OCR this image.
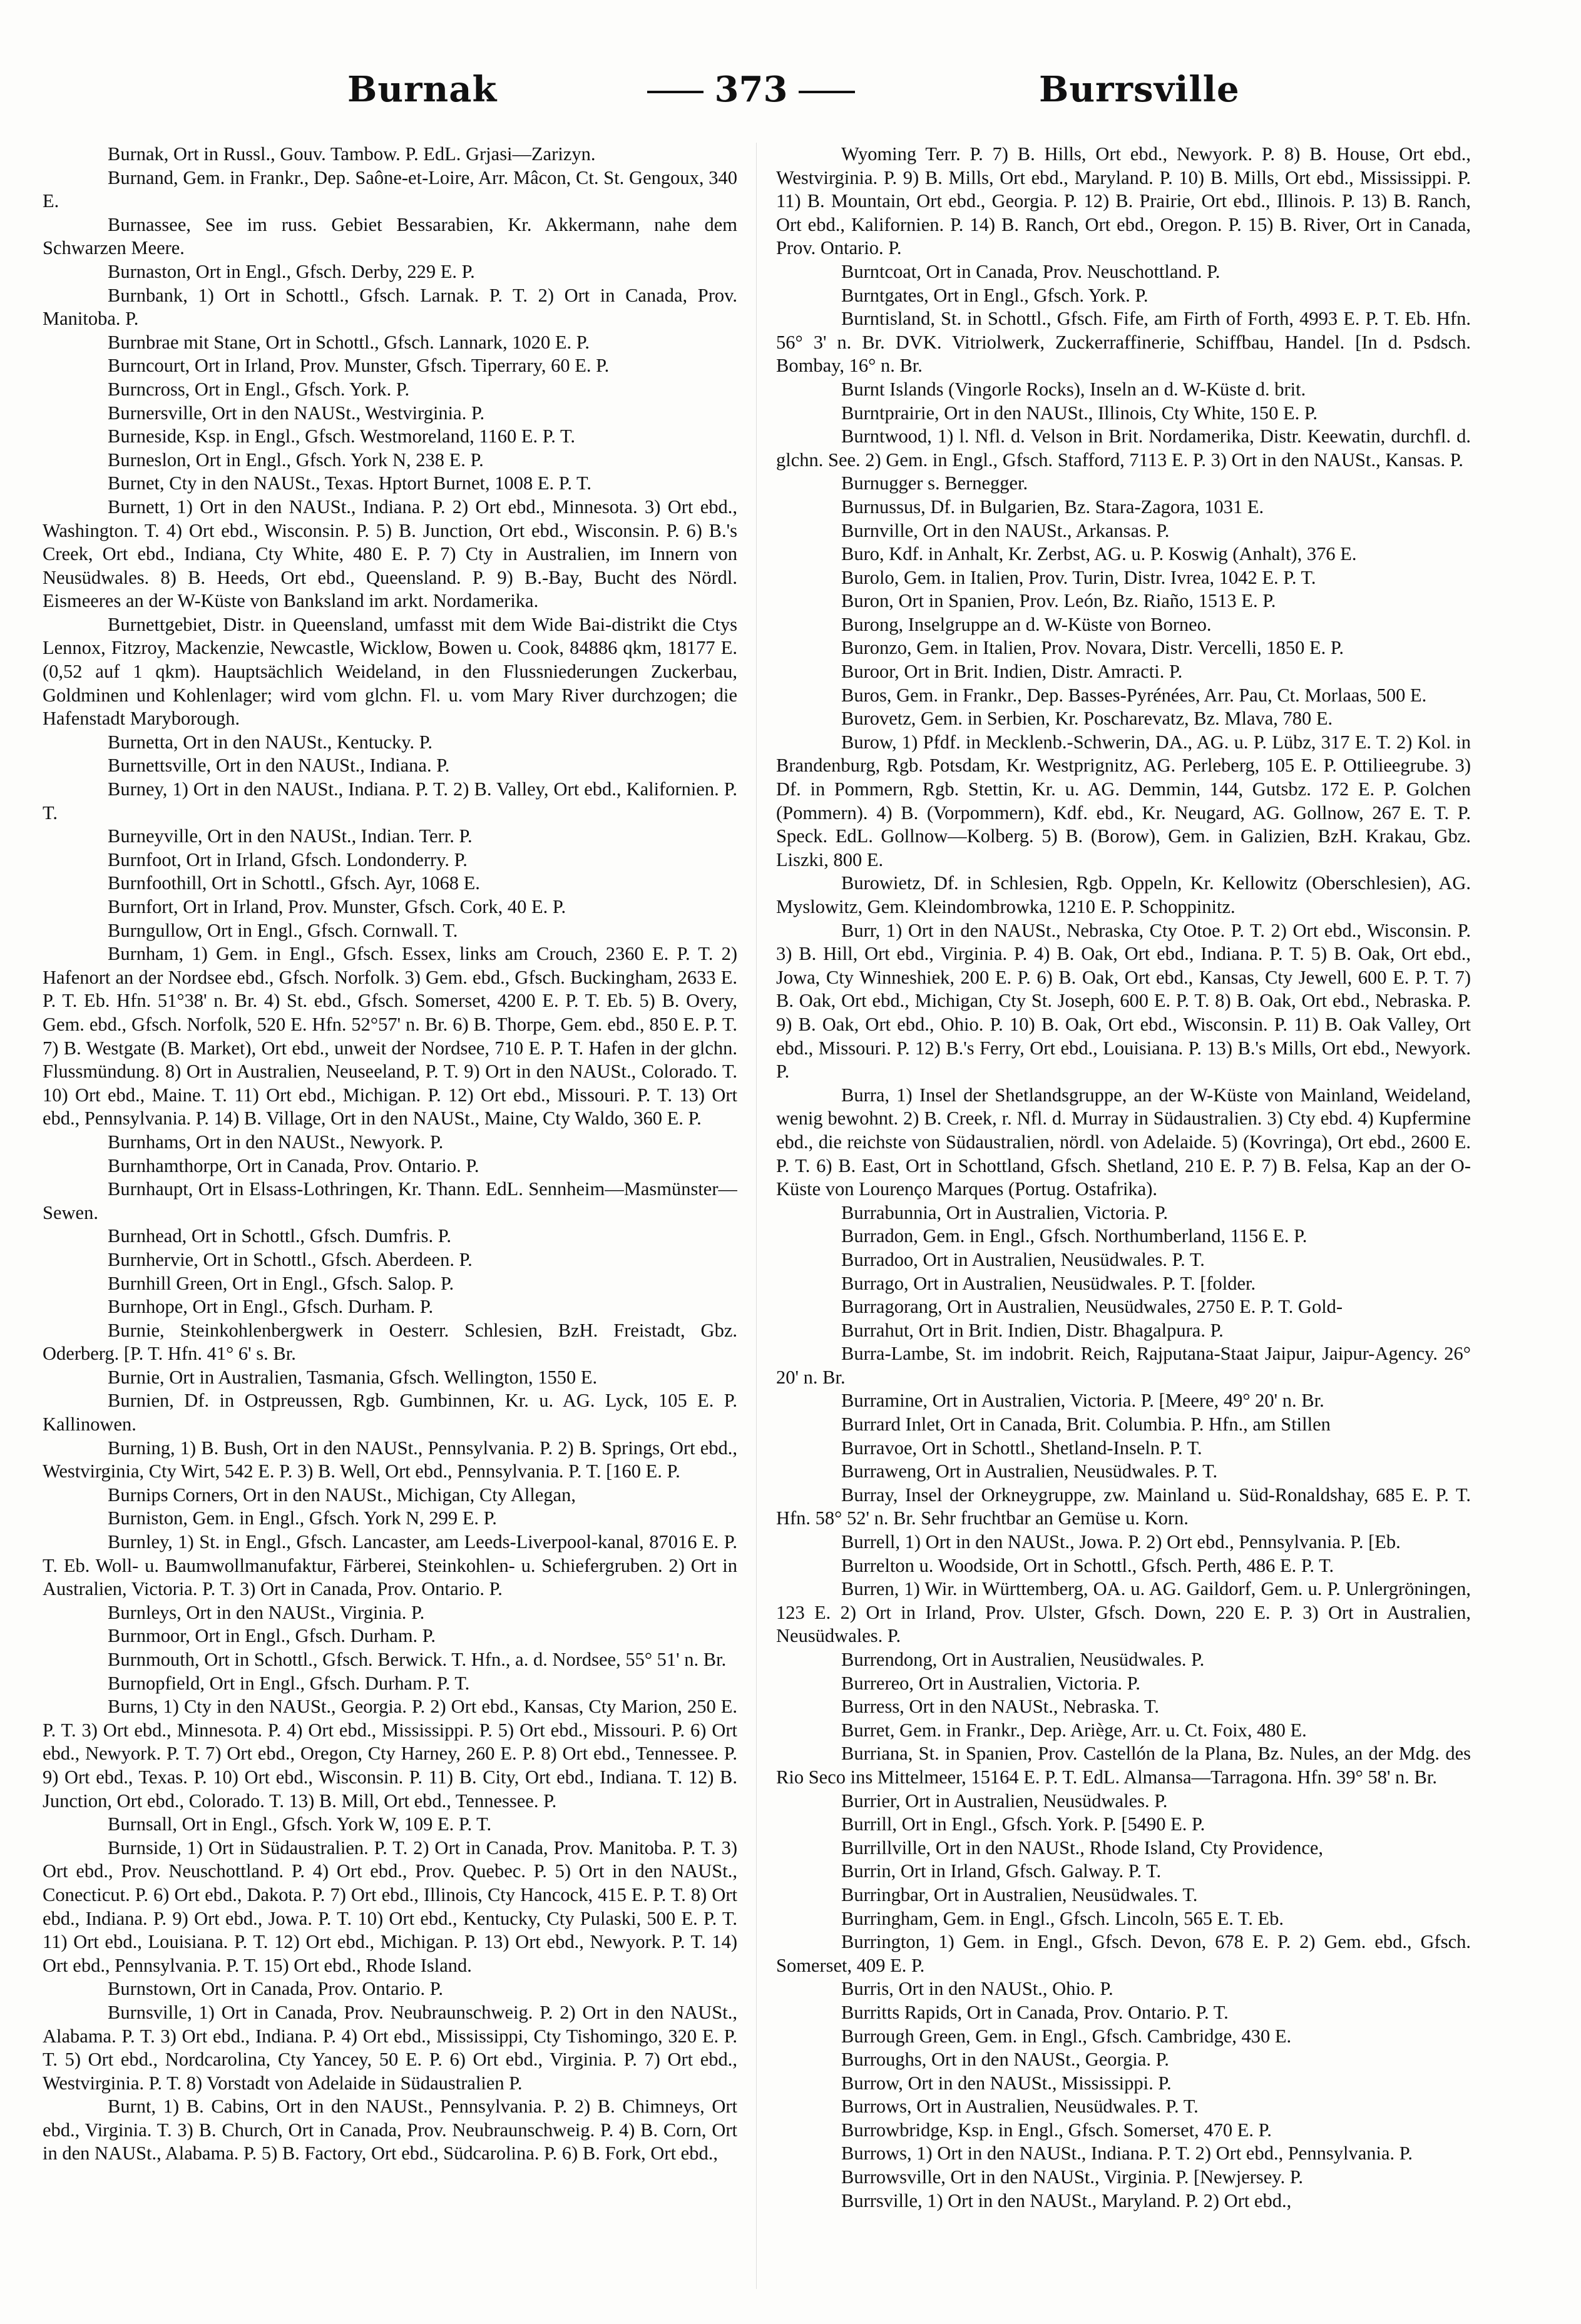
Burnak	373	Burrsville

Burnak, Ort in Russl., Gouv. Tambow. P. EdL. Grjasi—Zarizyn.

Burnand, Gem. in Frankr., Dep. Saône-et-Loire, Arr. Mâcon, Ct. St. Gengoux, 340 E.

Burnassee, See im russ. Gebiet Bessarabien, Kr. Akkermann, nahe dem Schwarzen Meere.

Burnaston, Ort in Engl., Gfsch. Derby, 229 E. P.

Burnbank, 1) Ort in Schottl., Gfsch. Larnak. P. T. 2) Ort in Canada, Prov. Manitoba. P.

Burnbrae mit Stane, Ort in Schottl., Gfsch. Lannark, 1020 E. P.

Burncourt, Ort in Irland, Prov. Munster, Gfsch. Tiperrary, 60 E. P.

Burncross, Ort in Engl., Gfsch. York. P.

Burnersville, Ort in den NAUSt., Westvirginia. P.

Burneside, Ksp. in Engl., Gfsch. Westmoreland, 1160 E. P. T.

Burneslon, Ort in Engl., Gfsch. York N, 238 E. P.

Burnet, Cty in den NAUSt., Texas. Hptort Burnet, 1008 E. P. T.

Burnett, 1) Ort in den NAUSt., Indiana. P. 2) Ort ebd., Minnesota. 3) Ort ebd., Washington. T. 4) Ort ebd., Wisconsin. P. 5) B. Junction, Ort ebd., Wisconsin. P. 6) B.'s Creek, Ort ebd., Indiana, Cty White, 480 E. P. 7) Cty in Australien, im Innern von Neusüdwales. 8) B. Heeds, Ort ebd., Queensland. P. 9) B.-Bay, Bucht des Nördl. Eismeeres an der W-Küste von Banksland im arkt. Nordamerika.

Burnettgebiet, Distr. in Queensland, umfasst mit dem Wide Bai-distrikt die Ctys Lennox, Fitzroy, Mackenzie, Newcastle, Wicklow, Bowen u. Cook, 84886 qkm, 18177 E. (0,52 auf 1 qkm). Hauptsächlich Weideland, in den Flussniederungen Zuckerbau, Goldminen und Kohlenlager; wird vom glchn. Fl. u. vom Mary River durchzogen; die Hafenstadt Maryborough.

Burnetta, Ort in den NAUSt., Kentucky. P.

Burnettsville, Ort in den NAUSt., Indiana. P.

Burney, 1) Ort in den NAUSt., Indiana. P. T. 2) B. Valley, Ort ebd., Kalifornien. P. T.

Burneyville, Ort in den NAUSt., Indian. Terr. P.

Burnfoot, Ort in Irland, Gfsch. Londonderry. P.

Burnfoothill, Ort in Schottl., Gfsch. Ayr, 1068 E.

Burnfort, Ort in Irland, Prov. Munster, Gfsch. Cork, 40 E. P.

Burngullow, Ort in Engl., Gfsch. Cornwall. T.

Burnham, 1) Gem. in Engl., Gfsch. Essex, links am Crouch, 2360 E. P. T. 2) Hafenort an der Nordsee ebd., Gfsch. Norfolk. 3) Gem. ebd., Gfsch. Buckingham, 2633 E. P. T. Eb. Hfn. 51°38' n. Br. 4) St. ebd., Gfsch. Somerset, 4200 E. P. T. Eb. 5) B. Overy, Gem. ebd., Gfsch. Norfolk, 520 E. Hfn. 52°57' n. Br. 6) B. Thorpe, Gem. ebd., 850 E. P. T. 7) B. Westgate (B. Market), Ort ebd., unweit der Nordsee, 710 E. P. T. Hafen in der glchn. Flussmündung. 8) Ort in Australien, Neuseeland, P. T. 9) Ort in den NAUSt., Colorado. T. 10) Ort ebd., Maine. T. 11) Ort ebd., Michigan. P. 12) Ort ebd., Missouri. P. T. 13) Ort ebd., Pennsylvania. P. 14) B. Village, Ort in den NAUSt., Maine, Cty Waldo, 360 E. P.

Burnhams, Ort in den NAUSt., Newyork. P.

Burnhamthorpe, Ort in Canada, Prov. Ontario. P.

Burnhaupt, Ort in Elsass-Lothringen, Kr. Thann. EdL. Sennheim—Masmünster—Sewen.

Burnhead, Ort in Schottl., Gfsch. Dumfris. P.

Burnhervie, Ort in Schottl., Gfsch. Aberdeen. P.

Burnhill Green, Ort in Engl., Gfsch. Salop. P.

Burnhope, Ort in Engl., Gfsch. Durham. P.

Burnie, Steinkohlenbergwerk in Oesterr. Schlesien, BzH. Freistadt, Gbz. Oderberg. [P. T. Hfn. 41° 6' s. Br.

Burnie, Ort in Australien, Tasmania, Gfsch. Wellington, 1550 E.

Burnien, Df. in Ostpreussen, Rgb. Gumbinnen, Kr. u. AG. Lyck, 105 E. P. Kallinowen.

Burning, 1) B. Bush, Ort in den NAUSt., Pennsylvania. P. 2) B. Springs, Ort ebd., Westvirginia, Cty Wirt, 542 E. P. 3) B. Well, Ort ebd., Pennsylvania. P. T. [160 E. P.

Burnips Corners, Ort in den NAUSt., Michigan, Cty Allegan,

Burniston, Gem. in Engl., Gfsch. York N, 299 E. P.

Burnley, 1) St. in Engl., Gfsch. Lancaster, am Leeds-Liverpool-kanal, 87016 E. P. T. Eb. Woll- u. Baumwollmanufaktur, Färberei, Steinkohlen- u. Schiefergruben. 2) Ort in Australien, Victoria. P. T. 3) Ort in Canada, Prov. Ontario. P.

Burnleys, Ort in den NAUSt., Virginia. P.

Burnmoor, Ort in Engl., Gfsch. Durham. P.

Burnmouth, Ort in Schottl., Gfsch. Berwick. T. Hfn., a. d. Nordsee, 55° 51' n. Br.

Burnopfield, Ort in Engl., Gfsch. Durham. P. T.

Burns, 1) Cty in den NAUSt., Georgia. P. 2) Ort ebd., Kansas, Cty Marion, 250 E. P. T. 3) Ort ebd., Minnesota. P. 4) Ort ebd., Mississippi. P. 5) Ort ebd., Missouri. P. 6) Ort ebd., Newyork. P. T. 7) Ort ebd., Oregon, Cty Harney, 260 E. P. 8) Ort ebd., Tennessee. P. 9) Ort ebd., Texas. P. 10) Ort ebd., Wisconsin. P. 11) B. City, Ort ebd., Indiana. T. 12) B. Junction, Ort ebd., Colorado. T. 13) B. Mill, Ort ebd., Tennessee. P.

Burnsall, Ort in Engl., Gfsch. York W, 109 E. P. T.

Burnside, 1) Ort in Südaustralien. P. T. 2) Ort in Canada, Prov. Manitoba. P. T. 3) Ort ebd., Prov. Neuschottland. P. 4) Ort ebd., Prov. Quebec. P. 5) Ort in den NAUSt., Conecticut. P. 6) Ort ebd., Dakota. P. 7) Ort ebd., Illinois, Cty Hancock, 415 E. P. T. 8) Ort ebd., Indiana. P. 9) Ort ebd., Jowa. P. T. 10) Ort ebd., Kentucky, Cty Pulaski, 500 E. P. T. 11) Ort ebd., Louisiana. P. T. 12) Ort ebd., Michigan. P. 13) Ort ebd., Newyork. P. T. 14) Ort ebd., Pennsylvania. P. T. 15) Ort ebd., Rhode Island.

Burnstown, Ort in Canada, Prov. Ontario. P.

Burnsville, 1) Ort in Canada, Prov. Neubraunschweig. P. 2) Ort in den NAUSt., Alabama. P. T. 3) Ort ebd., Indiana. P. 4) Ort ebd., Mississippi, Cty Tishomingo, 320 E. P. T. 5) Ort ebd., Nordcarolina, Cty Yancey, 50 E. P. 6) Ort ebd., Virginia. P. 7) Ort ebd., Westvirginia. P. T. 8) Vorstadt von Adelaide in Südaustralien P.

Burnt, 1) B. Cabins, Ort in den NAUSt., Pennsylvania. P. 2) B. Chimneys, Ort ebd., Virginia. T. 3) B. Church, Ort in Canada, Prov. Neubraunschweig. P. 4) B. Corn, Ort in den NAUSt., Alabama. P. 5) B. Factory, Ort ebd., Südcarolina. P. 6) B. Fork, Ort ebd.,

Wyoming Terr. P. 7) B. Hills, Ort ebd., Newyork. P. 8) B. House, Ort ebd., Westvirginia. P. 9) B. Mills, Ort ebd., Maryland. P. 10) B. Mills, Ort ebd., Mississippi. P. 11) B. Mountain, Ort ebd., Georgia. P. 12) B. Prairie, Ort ebd., Illinois. P. 13) B. Ranch, Ort ebd., Kalifornien. P. 14) B. Ranch, Ort ebd., Oregon. P. 15) B. River, Ort in Canada, Prov. Ontario. P.

Burntcoat, Ort in Canada, Prov. Neuschottland. P.

Burntgates, Ort in Engl., Gfsch. York. P.

Burntisland, St. in Schottl., Gfsch. Fife, am Firth of Forth, 4993 E. P. T. Eb. Hfn. 56° 3' n. Br. DVK. Vitriolwerk, Zuckerraffinerie, Schiffbau, Handel. [In d. Psdsch. Bombay, 16° n. Br.

Burnt Islands (Vingorle Rocks), Inseln an d. W-Küste d. brit.

Burntprairie, Ort in den NAUSt., Illinois, Cty White, 150 E. P.

Burntwood, 1) l. Nfl. d. Velson in Brit. Nordamerika, Distr. Keewatin, durchfl. d. glchn. See. 2) Gem. in Engl., Gfsch. Stafford, 7113 E. P. 3) Ort in den NAUSt., Kansas. P.

Burnugger s. Bernegger.

Burnussus, Df. in Bulgarien, Bz. Stara-Zagora, 1031 E.

Burnville, Ort in den NAUSt., Arkansas. P.

Buro, Kdf. in Anhalt, Kr. Zerbst, AG. u. P. Koswig (Anhalt), 376 E.

Burolo, Gem. in Italien, Prov. Turin, Distr. Ivrea, 1042 E. P. T.

Buron, Ort in Spanien, Prov. León, Bz. Riaño, 1513 E. P.

Burong, Inselgruppe an d. W-Küste von Borneo.

Buronzo, Gem. in Italien, Prov. Novara, Distr. Vercelli, 1850 E. P.

Buroor, Ort in Brit. Indien, Distr. Amracti. P.

Buros, Gem. in Frankr., Dep. Basses-Pyrénées, Arr. Pau, Ct. Morlaas, 500 E.

Burovetz, Gem. in Serbien, Kr. Poscharevatz, Bz. Mlava, 780 E.

Burow, 1) Pfdf. in Mecklenb.-Schwerin, DA., AG. u. P. Lübz, 317 E. T. 2) Kol. in Brandenburg, Rgb. Potsdam, Kr. Westprignitz, AG. Perleberg, 105 E. P. Ottilieegrube. 3) Df. in Pommern, Rgb. Stettin, Kr. u. AG. Demmin, 144, Gutsbz. 172 E. P. Golchen (Pommern). 4) B. (Vorpommern), Kdf. ebd., Kr. Neugard, AG. Gollnow, 267 E. T. P. Speck. EdL. Gollnow—Kolberg. 5) B. (Borow), Gem. in Galizien, BzH. Krakau, Gbz. Liszki, 800 E.

Burowietz, Df. in Schlesien, Rgb. Oppeln, Kr. Kellowitz (Oberschlesien), AG. Myslowitz, Gem. Kleindombrowka, 1210 E. P. Schoppinitz.

Burr, 1) Ort in den NAUSt., Nebraska, Cty Otoe. P. T. 2) Ort ebd., Wisconsin. P. 3) B. Hill, Ort ebd., Virginia. P. 4) B. Oak, Ort ebd., Indiana. P. T. 5) B. Oak, Ort ebd., Jowa, Cty Winneshiek, 200 E. P. 6) B. Oak, Ort ebd., Kansas, Cty Jewell, 600 E. P. T. 7) B. Oak, Ort ebd., Michigan, Cty St. Joseph, 600 E. P. T. 8) B. Oak, Ort ebd., Nebraska. P. 9) B. Oak, Ort ebd., Ohio. P. 10) B. Oak, Ort ebd., Wisconsin. P. 11) B. Oak Valley, Ort ebd., Missouri. P. 12) B.'s Ferry, Ort ebd., Louisiana. P. 13) B.'s Mills, Ort ebd., Newyork. P.

Burra, 1) Insel der Shetlandsgruppe, an der W-Küste von Mainland, Weideland, wenig bewohnt. 2) B. Creek, r. Nfl. d. Murray in Südaustralien. 3) Cty ebd. 4) Kupfermine ebd., die reichste von Südaustralien, nördl. von Adelaide. 5) (Kovringa), Ort ebd., 2600 E. P. T. 6) B. East, Ort in Schottland, Gfsch. Shetland, 210 E. P. 7) B. Felsa, Kap an der O-Küste von Lourenço Marques (Portug. Ostafrika).

Burrabunnia, Ort in Australien, Victoria. P.

Burradon, Gem. in Engl., Gfsch. Northumberland, 1156 E. P.

Burradoo, Ort in Australien, Neusüdwales. P. T.

Burrago, Ort in Australien, Neusüdwales. P. T. [folder.

Burragorang, Ort in Australien, Neusüdwales, 2750 E. P. T. Gold-

Burrahut, Ort in Brit. Indien, Distr. Bhagalpura. P.

Burra-Lambe, St. im indobrit. Reich, Rajputana-Staat Jaipur, Jaipur-Agency. 26° 20' n. Br.

Burramine, Ort in Australien, Victoria. P. [Meere, 49° 20' n. Br.

Burrard Inlet, Ort in Canada, Brit. Columbia. P. Hfn., am Stillen

Burravoe, Ort in Schottl., Shetland-Inseln. P. T.

Burraweng, Ort in Australien, Neusüdwales. P. T.

Burray, Insel der Orkneygruppe, zw. Mainland u. Süd-Ronaldshay, 685 E. P. T. Hfn. 58° 52' n. Br. Sehr fruchtbar an Gemüse u. Korn.

Burrell, 1) Ort in den NAUSt., Jowa. P. 2) Ort ebd., Pennsylvania. P. [Eb.

Burrelton u. Woodside, Ort in Schottl., Gfsch. Perth, 486 E. P. T.

Burren, 1) Wir. in Württemberg, OA. u. AG. Gaildorf, Gem. u. P. Unlergröningen, 123 E. 2) Ort in Irland, Prov. Ulster, Gfsch. Down, 220 E. P. 3) Ort in Australien, Neusüdwales. P.

Burrendong, Ort in Australien, Neusüdwales. P.

Burrereo, Ort in Australien, Victoria. P.

Burress, Ort in den NAUSt., Nebraska. T.

Burret, Gem. in Frankr., Dep. Ariège, Arr. u. Ct. Foix, 480 E.

Burriana, St. in Spanien, Prov. Castellón de la Plana, Bz. Nules, an der Mdg. des Rio Seco ins Mittelmeer, 15164 E. P. T. EdL. Almansa—Tarragona. Hfn. 39° 58' n. Br.

Burrier, Ort in Australien, Neusüdwales. P.

Burrill, Ort in Engl., Gfsch. York. P. [5490 E. P.

Burrillville, Ort in den NAUSt., Rhode Island, Cty Providence,

Burrin, Ort in Irland, Gfsch. Galway. P. T.

Burringbar, Ort in Australien, Neusüdwales. T.

Burringham, Gem. in Engl., Gfsch. Lincoln, 565 E. T. Eb.

Burrington, 1) Gem. in Engl., Gfsch. Devon, 678 E. P. 2) Gem. ebd., Gfsch. Somerset, 409 E. P.

Burris, Ort in den NAUSt., Ohio. P.

Burritts Rapids, Ort in Canada, Prov. Ontario. P. T.

Burrough Green, Gem. in Engl., Gfsch. Cambridge, 430 E.

Burroughs, Ort in den NAUSt., Georgia. P.

Burrow, Ort in den NAUSt., Mississippi. P.

Burrows, Ort in Australien, Neusüdwales. P. T.

Burrowbridge, Ksp. in Engl., Gfsch. Somerset, 470 E. P.

Burrows, 1) Ort in den NAUSt., Indiana. P. T. 2) Ort ebd., Pennsylvania. P.

Burrowsville, Ort in den NAUSt., Virginia. P. [Newjersey. P.

Burrsville, 1) Ort in den NAUSt., Maryland. P. 2) Ort ebd.,
